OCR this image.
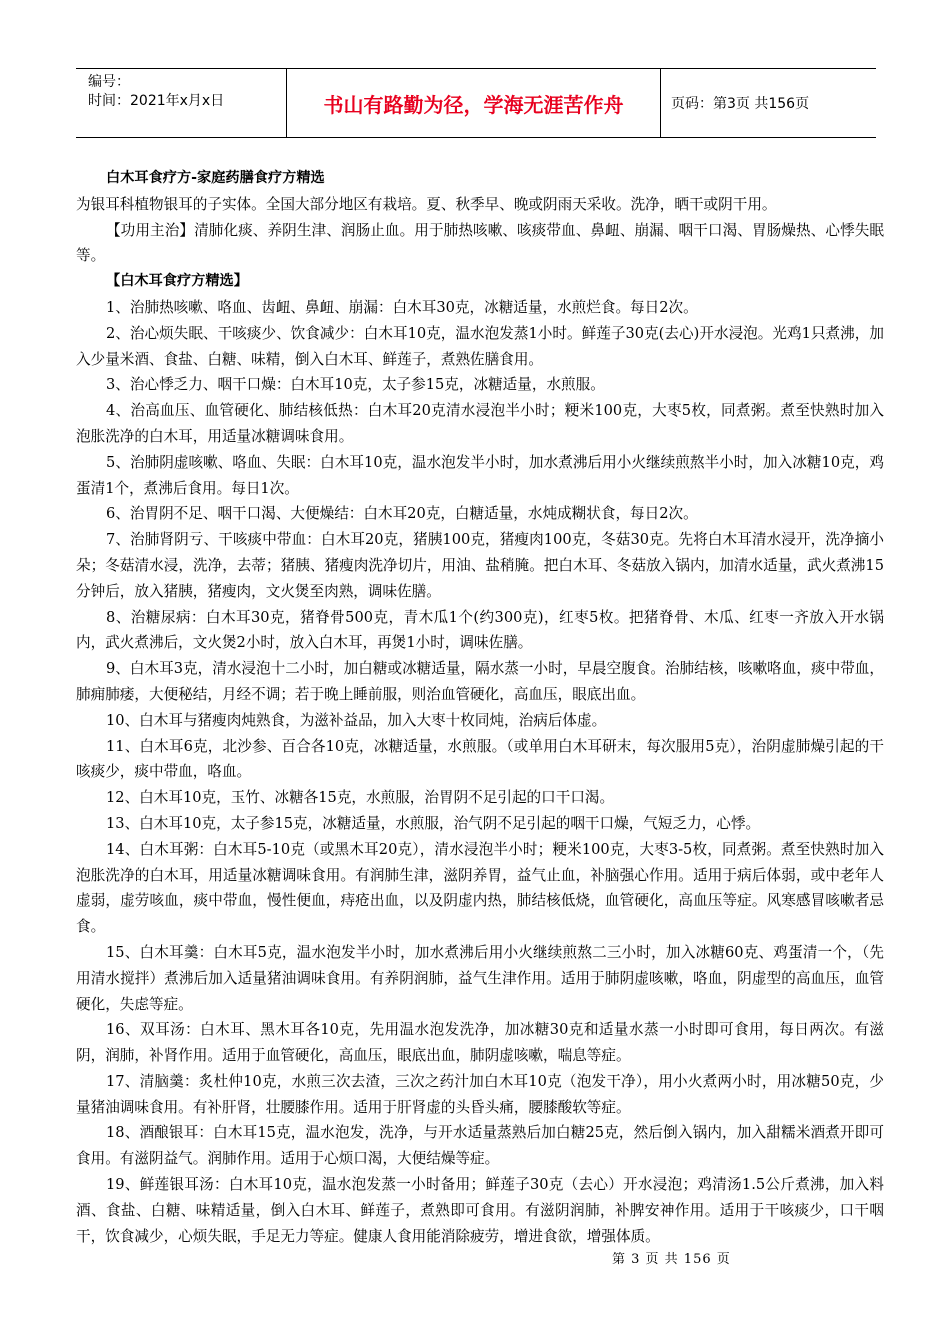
编号：
时间：2021年x月x日	书山有路勤为径，学海无涯苦作舟	页码：第3页 共156页

白木耳食疗方-家庭药膳食疗方精选

为银耳科植物银耳的子实体。全国大部分地区有栽培。夏、秋季早、晚或阴雨天采收。洗净，晒干或阴干用。

【功用主治】清肺化痰、养阴生津、润肠止血。用于肺热咳嗽、咳痰带血、鼻衄、崩漏、咽干口渴、胃肠燥热、心悸失眠等。

【白木耳食疗方精选】

1、治肺热咳嗽、咯血、齿衄、鼻衄、崩漏：白木耳30克，冰糖适量，水煎烂食。每日2次。

2、治心烦失眠、干咳痰少、饮食减少：白木耳10克，温水泡发蒸1小时。鲜莲子30克(去心)开水浸泡。光鸡1只煮沸，加入少量米酒、食盐、白糖、味精，倒入白木耳、鲜莲子，煮熟佐膳食用。

3、治心悸乏力、咽干口燥：白木耳10克，太子参15克，冰糖适量，水煎服。

4、治高血压、血管硬化、肺结核低热：白木耳20克清水浸泡半小时；粳米100克，大枣5枚，同煮粥。煮至快熟时加入泡胀洗净的白木耳，用适量冰糖调味食用。

5、治肺阴虚咳嗽、咯血、失眠：白木耳10克，温水泡发半小时，加水煮沸后用小火继续煎熬半小时，加入冰糖10克，鸡蛋清1个，煮沸后食用。每日1次。

6、治胃阴不足、咽干口渴、大便燥结：白木耳20克，白糖适量，水炖成糊状食，每日2次。

7、治肺肾阴亏、干咳痰中带血：白木耳20克，猪胰100克，猪瘦肉100克，冬菇30克。先将白木耳清水浸开，洗净摘小朵；冬菇清水浸，洗净，去蒂；猪胰、猪瘦肉洗净切片，用油、盐稍腌。把白木耳、冬菇放入锅内，加清水适量，武火煮沸15分钟后，放入猪胰，猪瘦肉，文火煲至肉熟，调味佐膳。

8、治糖尿病：白木耳30克，猪脊骨500克，青木瓜1个(约300克)，红枣5枚。把猪脊骨、木瓜、红枣一齐放入开水锅内，武火煮沸后，文火煲2小时，放入白木耳，再煲1小时，调味佐膳。

9、白木耳3克，清水浸泡十二小时，加白糖或冰糖适量，隔水蒸一小时，早晨空腹食。治肺结核，咳嗽咯血，痰中带血，肺痈肺痿，大便秘结，月经不调；若于晚上睡前服，则治血管硬化，高血压，眼底出血。

10、白木耳与猪瘦肉炖熟食，为滋补益品，加入大枣十枚同炖，治病后体虚。

11、白木耳6克，北沙参、百合各10克，冰糖适量，水煎服。（或单用白木耳研末，每次服用5克），治阴虚肺燥引起的干咳痰少，痰中带血，咯血。

12、白木耳10克，玉竹、冰糖各15克，水煎服，治胃阴不足引起的口干口渴。

13、白木耳10克，太子参15克，冰糖适量，水煎服，治气阴不足引起的咽干口燥，气短乏力，心悸。

14、白木耳粥：白木耳5-10克（或黑木耳20克），清水浸泡半小时；粳米100克，大枣3-5枚，同煮粥。煮至快熟时加入泡胀洗净的白木耳，用适量冰糖调味食用。有润肺生津，滋阴养胃，益气止血，补脑强心作用。适用于病后体弱，或中老年人虚弱，虚劳咳血，痰中带血，慢性便血，痔疮出血，以及阴虚内热，肺结核低烧，血管硬化，高血压等症。风寒感冒咳嗽者忌食。

15、白木耳羹：白木耳5克，温水泡发半小时，加水煮沸后用小火继续煎熬二三小时，加入冰糖60克、鸡蛋清一个，（先用清水搅拌）煮沸后加入适量猪油调味食用。有养阴润肺，益气生津作用。适用于肺阴虚咳嗽，咯血，阴虚型的高血压，血管硬化，失虑等症。

16、双耳汤：白木耳、黑木耳各10克，先用温水泡发洗净，加冰糖30克和适量水蒸一小时即可食用，每日两次。有滋阴，润肺，补肾作用。适用于血管硬化，高血压，眼底出血，肺阴虚咳嗽，喘息等症。

17、清脑羹：炙杜仲10克，水煎三次去渣，三次之药汁加白木耳10克（泡发干净），用小火煮两小时，用冰糖50克，少量猪油调味食用。有补肝肾，壮腰膝作用。适用于肝肾虚的头昏头痛，腰膝酸软等症。

18、酒酿银耳：白木耳15克，温水泡发，洗净，与开水适量蒸熟后加白糖25克，然后倒入锅内，加入甜糯米酒煮开即可食用。有滋阴益气。润肺作用。适用于心烦口渴，大便结燥等症。

19、鲜莲银耳汤：白木耳10克，温水泡发蒸一小时备用；鲜莲子30克（去心）开水浸泡；鸡清汤1.5公斤煮沸，加入料酒、食盐、白糖、味精适量，倒入白木耳、鲜莲子，煮熟即可食用。有滋阴润肺，补脾安神作用。适用于干咳痰少，口干咽干，饮食减少，心烦失眠，手足无力等症。健康人食用能消除疲劳，增进食欲，增强体质。

第 3 页 共 156 页
